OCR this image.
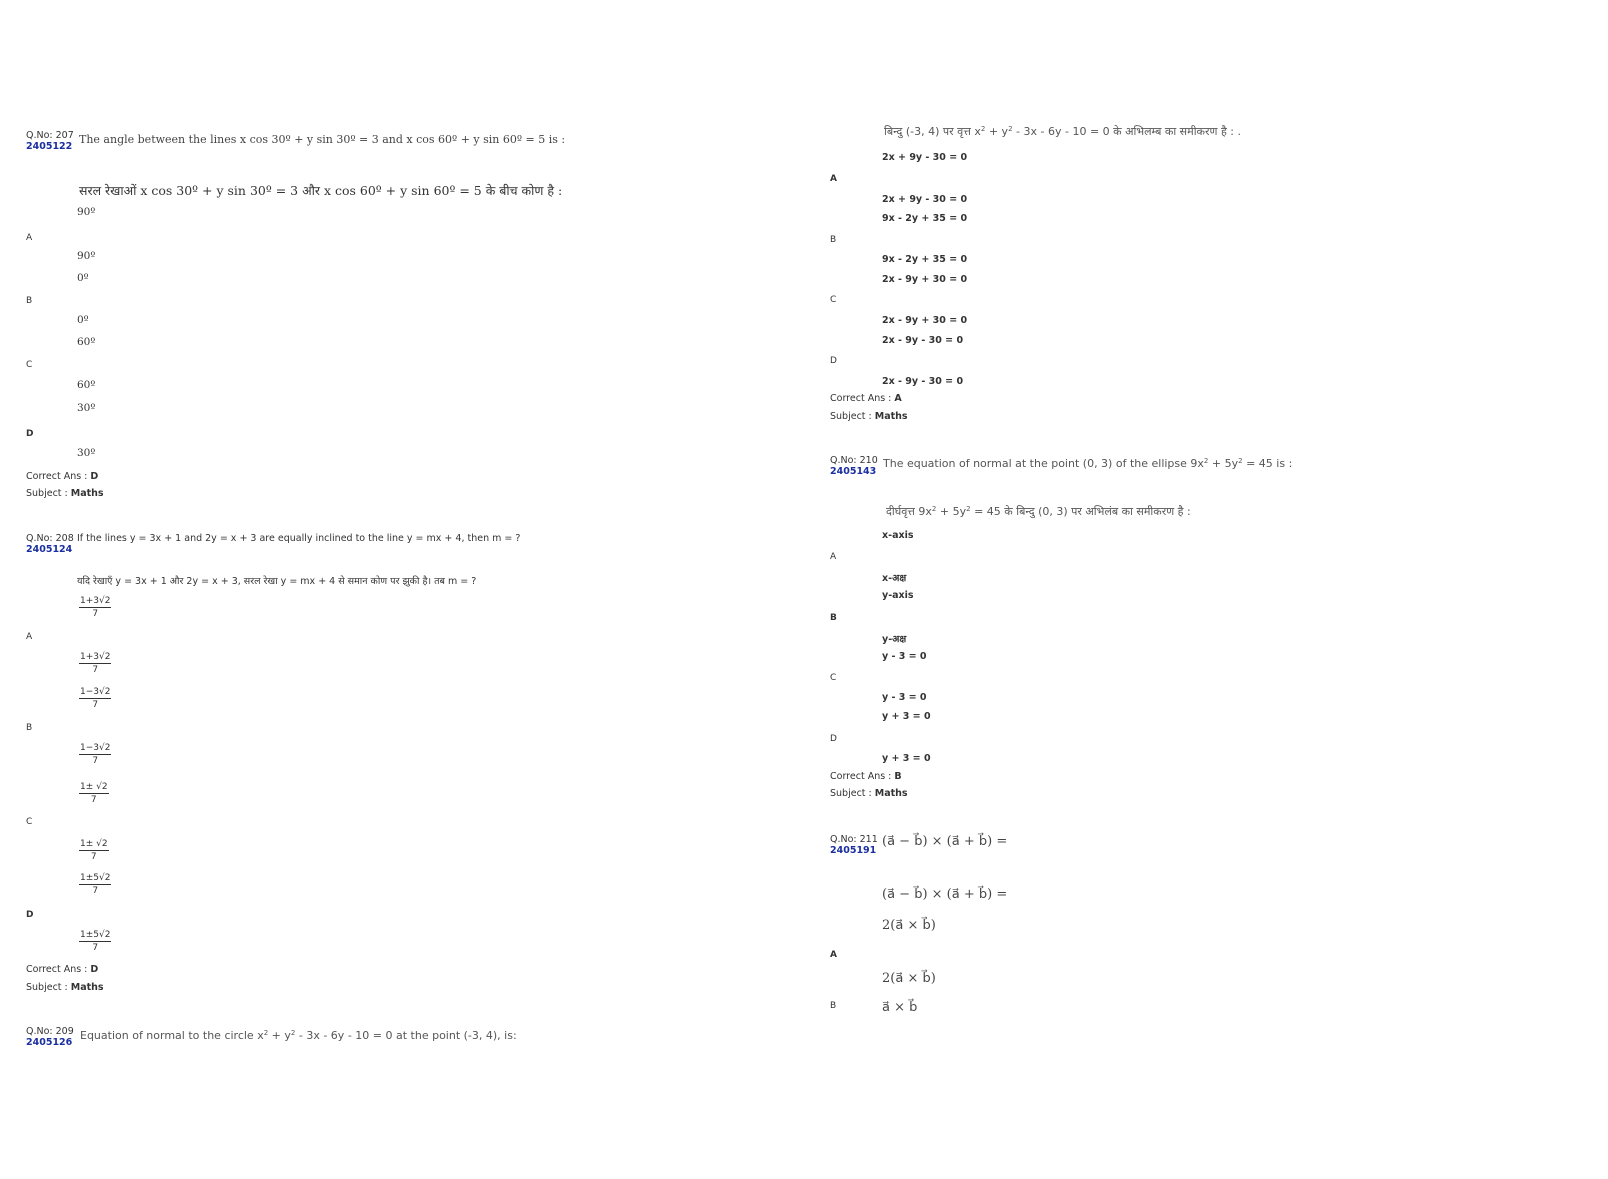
Q.No: 207
2405122
The angle between the lines x cos 30º + y sin 30º = 3 and x cos 60º + y sin 60º = 5 is :
सरल रेखाओं x cos 30º + y sin 30º = 3 और x cos 60º + y sin 60º = 5 के बीच कोण है :
90º
A
90º
0º
B
0º
60º
C
60º
30º
D
30º
Correct Ans : D
Subject : Maths
Q.No: 208
2405124
If the lines y = 3x + 1 and 2y = x + 3 are equally inclined to the line y = mx + 4, then m = ?
यदि रेखाएँ y = 3x + 1 और 2y = x + 3, सरल रेखा y = mx + 4 से समान कोण पर झुकी है। तब m = ?
$\frac{1+3√2}{7}$
A
$\frac{1+3√2}{7}$
$\frac{1-3√2}{7}$
B
$\frac{1-3√2}{7}$
$\frac{1\pm √2}{7}$
C
$\frac{1\pm √2}{7}$
$\frac{1\pm 5√2}{7}$
D
$\frac{1\pm 5√2}{7}$
Correct Ans : D
Subject : Maths
Q.No: 209
2405126
Equation of normal to the circle $x^2 + y^2 - 3x - 6y - 10 = 0$ at the point (-3, 4), is:
बिन्दु (-3, 4) पर वृत्त $x^2 + y^2 - 3x - 6y - 10 = 0$ के अभिलम्ब का समीकरण है : .
2x + 9y - 30 = 0
A
2x + 9y - 30 = 0
9x - 2y + 35 = 0
B
9x - 2y + 35 = 0
2x - 9y + 30 = 0
C
2x - 9y + 30 = 0
2x - 9y - 30 = 0
D
2x - 9y - 30 = 0
Correct Ans : A
Subject : Maths
Q.No: 210
2405143
The equation of normal at the point (0, 3) of the ellipse $9x^2 + 5y^2 = 45$ is :
दीर्घवृत्त $9x^2 + 5y^2 = 45$ के बिन्दु (0, 3) पर अभिलंब का समीकरण है :
x-axis
A
x-अक्ष
y-axis
B
y-अक्ष
y - 3 = 0
C
y - 3 = 0
y + 3 = 0
D
y + 3 = 0
Correct Ans : B
Subject : Maths
Q.No: 211
2405191
(a⃗ − b⃗) × (a⃗ + b⃗) =
(a⃗ − b⃗) × (a⃗ + b⃗) =
2(a⃗ × b⃗)
A
2(a⃗ × b⃗)
B	a⃗ × b⃗
